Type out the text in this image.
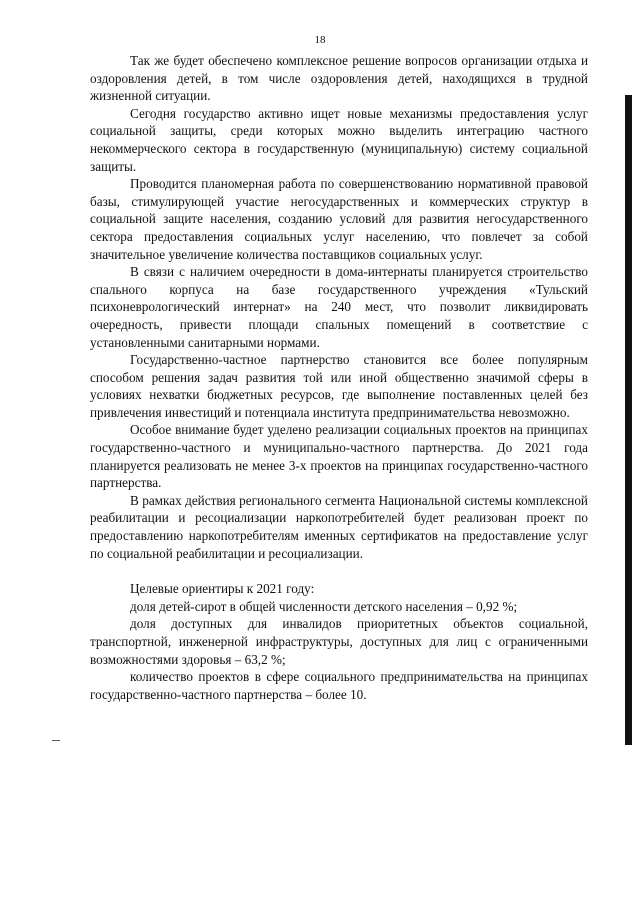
18

Так же будет обеспечено комплексное решение вопросов организации отдыха и оздоровления детей, в том числе оздоровления детей, находящихся в трудной жизненной ситуации.

Сегодня государство активно ищет новые механизмы предоставления услуг социальной защиты, среди которых можно выделить интеграцию частного некоммерческого сектора в государственную (муниципальную) систему социальной защиты.

Проводится планомерная работа по совершенствованию нормативной правовой базы, стимулирующей участие негосударственных и коммерческих структур в социальной защите населения, созданию условий для развития негосударственного сектора предоставления социальных услуг населению, что повлечет за собой значительное увеличение количества поставщиков социальных услуг.

В связи с наличием очередности в дома-интернаты планируется строительство спального корпуса на базе государственного учреждения «Тульский психоневрологический интернат» на 240 мест, что позволит ликвидировать очередность, привести площади спальных помещений в соответствие с установленными санитарными нормами.

Государственно-частное партнерство становится все более популярным способом решения задач развития той или иной общественно значимой сферы в условиях нехватки бюджетных ресурсов, где выполнение поставленных целей без привлечения инвестиций и потенциала института предпринимательства невозможно.

Особое внимание будет уделено реализации социальных проектов на принципах государственно-частного и муниципально-частного партнерства. До 2021 года планируется реализовать не менее 3-х проектов на принципах государственно-частного партнерства.

В рамках действия регионального сегмента Национальной системы комплексной реабилитации и ресоциализации наркопотребителей будет реализован проект по предоставлению наркопотребителям именных сертификатов на предоставление услуг по социальной реабилитации и ресоциализации.

Целевые ориентиры к 2021 году:

доля детей-сирот в общей численности детского населения – 0,92 %;

доля доступных для инвалидов приоритетных объектов социальной, транспортной, инженерной инфраструктуры, доступных для лиц с ограниченными возможностями здоровья – 63,2 %;

количество проектов в сфере социального предпринимательства на принципах государственно-частного партнерства – более 10.
